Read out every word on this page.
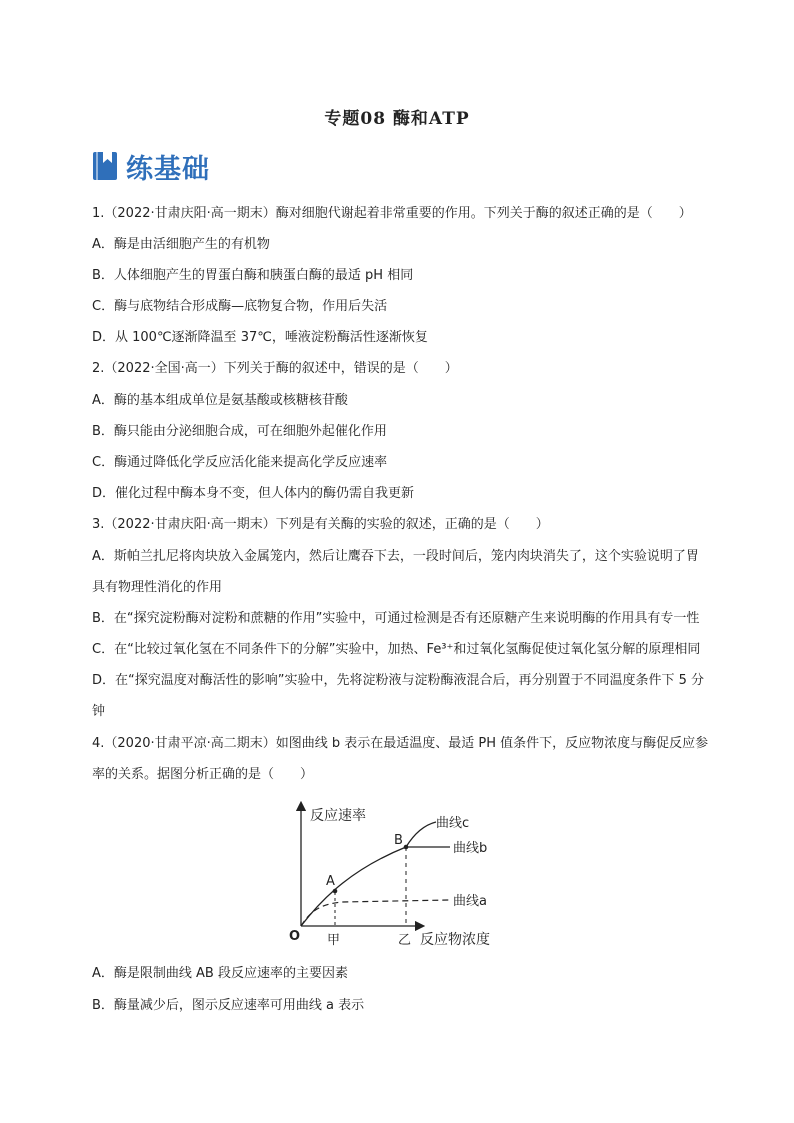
专题08 酶和ATP
练基础
1.（2022·甘肃庆阳·高一期末）酶对细胞代谢起着非常重要的作用。下列关于酶的叙述正确的是（　　）
A．酶是由活细胞产生的有机物
B．人体细胞产生的胃蛋白酶和胰蛋白酶的最适 pH 相同
C．酶与底物结合形成酶—底物复合物，作用后失活
D．从 100℃逐渐降温至 37℃，唾液淀粉酶活性逐渐恢复
2.（2022·全国·高一）下列关于酶的叙述中，错误的是（　　）
A．酶的基本组成单位是氨基酸或核糖核苷酸
B．酶只能由分泌细胞合成，可在细胞外起催化作用
C．酶通过降低化学反应活化能来提高化学反应速率
D．催化过程中酶本身不变，但人体内的酶仍需自我更新
3.（2022·甘肃庆阳·高一期末）下列是有关酶的实验的叙述，正确的是（　　）
A．斯帕兰扎尼将肉块放入金属笼内，然后让鹰吞下去，一段时间后，笼内肉块消失了，这个实验说明了胃
具有物理性消化的作用
B．在“探究淀粉酶对淀粉和蔗糖的作用”实验中，可通过检测是否有还原糖产生来说明酶的作用具有专一性
C．在“比较过氧化氢在不同条件下的分解”实验中，加热、Fe³⁺和过氧化氢酶促使过氧化氢分解的原理相同
D．在“探究温度对酶活性的影响”实验中，先将淀粉液与淀粉酶液混合后，再分别置于不同温度条件下 5 分
钟
4.（2020·甘肃平凉·高二期末）如图曲线 b 表示在最适温度、最适 PH 值条件下，反应物浓度与酶促反应参
率的关系。据图分析正确的是（　　）
反应速率
反应物浓度
O
A
B
甲	乙
曲线c
曲线b
曲线a
A．酶是限制曲线 AB 段反应速率的主要因素
B．酶量减少后，图示反应速率可用曲线 a 表示
